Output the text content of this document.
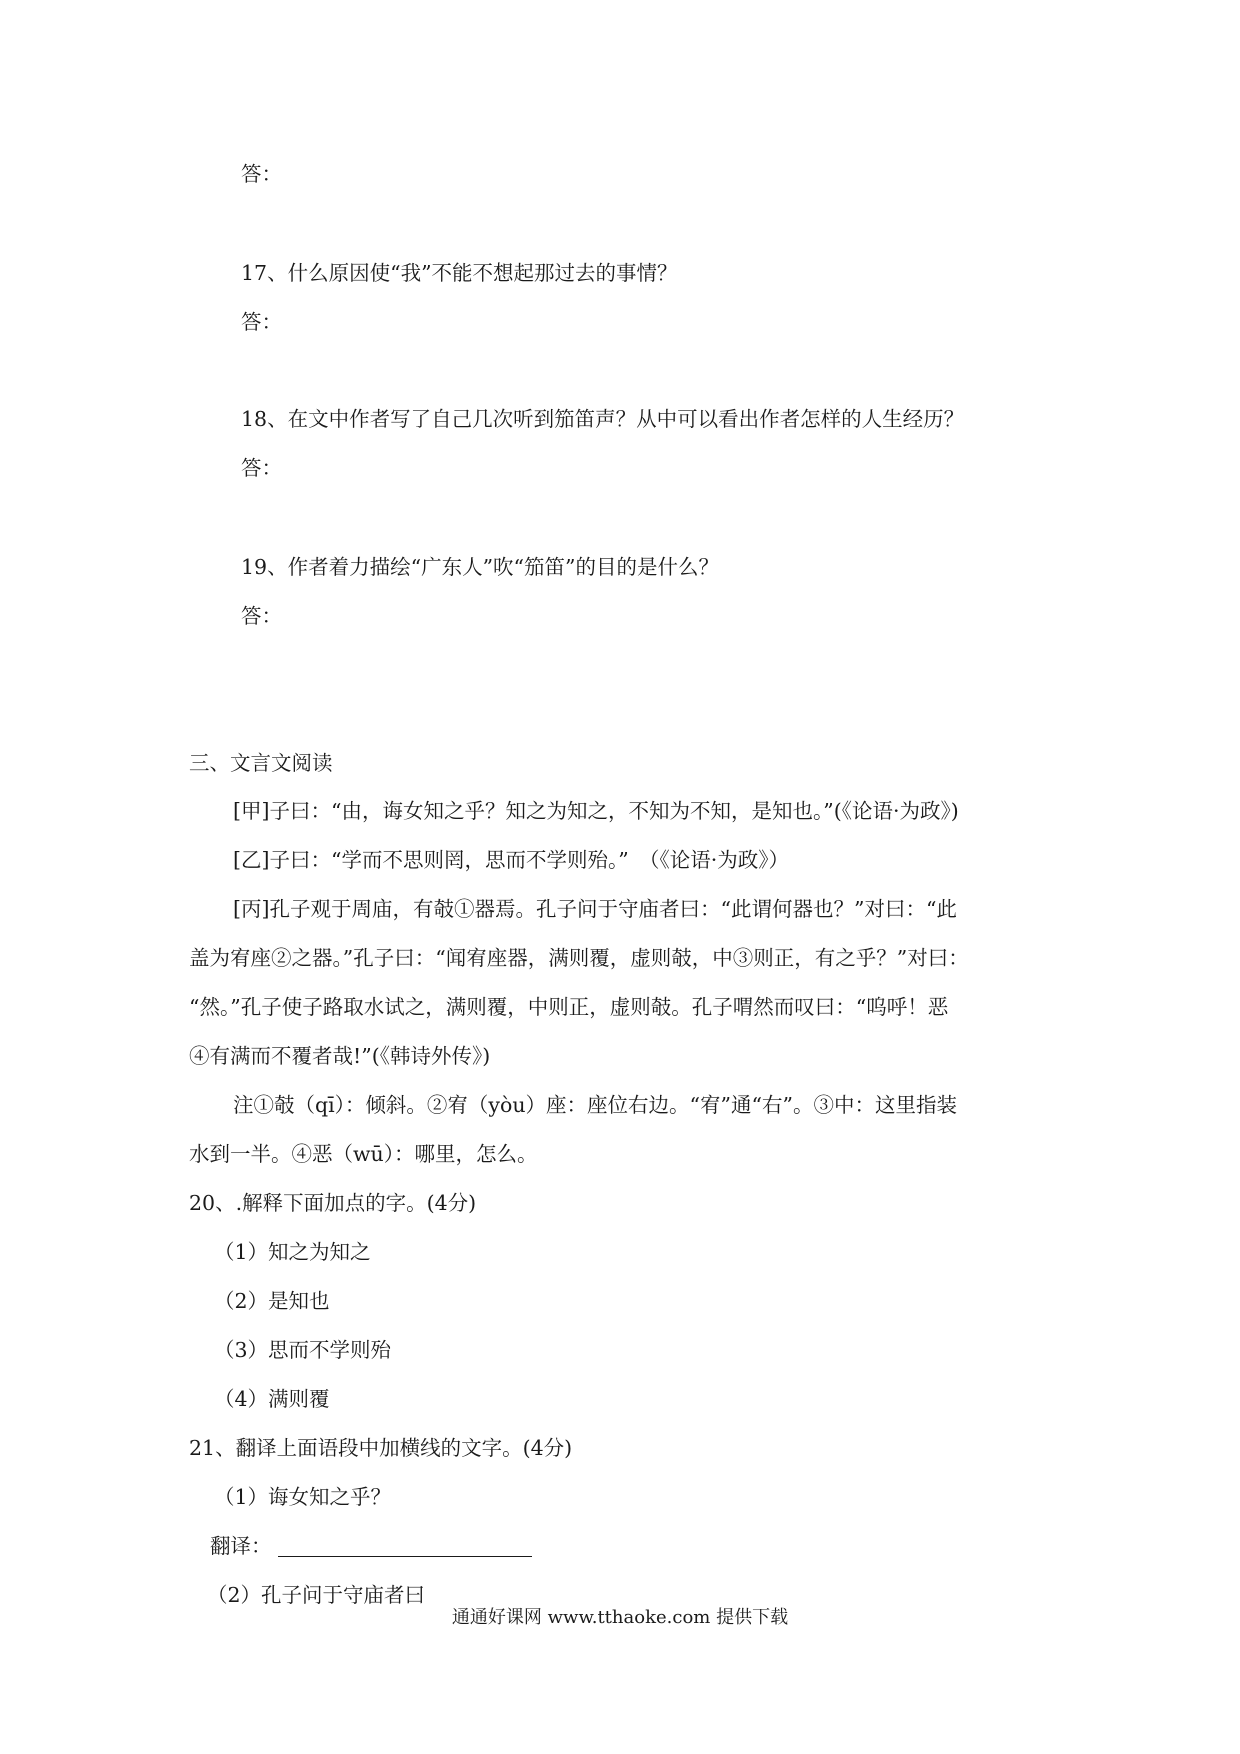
答：
17、什么原因使“我”不能不想起那过去的事情？
答：
18、在文中作者写了自己几次听到笳笛声？从中可以看出作者怎样的人生经历？
答：
19、作者着力描绘“广东人”吹“笳笛”的目的是什么？
答：
三、文言文阅读
[甲]子曰：“由，诲女知之乎？知之为知之，不知为不知，是知也。”(《论语·为政》)
[乙]子曰：“学而不思则罔，思而不学则殆。”　（《论语·为政》）
[丙]孔子观于周庙，有攲①器焉。孔子问于守庙者曰：“此谓何器也？”对曰：“此
盖为宥座②之器。”孔子曰：“闻宥座器，满则覆，虚则攲，中③则正，有之乎？”对曰：
“然。”孔子使子路取水试之，满则覆，中则正，虚则攲。孔子喟然而叹曰：“呜呼！恶
④有满而不覆者哉!”(《韩诗外传》)
注①攲（qī）：倾斜。②宥（yòu）座：座位右边。“宥”通“右”。③中：这里指装
水到一半。④恶（wū）：哪里，怎么。
20、.解释下面加点的字。(4分)
（1）知之为知之
（2）是知也
（3）思而不学则殆
（4）满则覆
21、翻译上面语段中加横线的文字。(4分)
（1）诲女知之乎？
翻译：
（2）孔子问于守庙者曰
通通好课网 www.tthaoke.com 提供下载
